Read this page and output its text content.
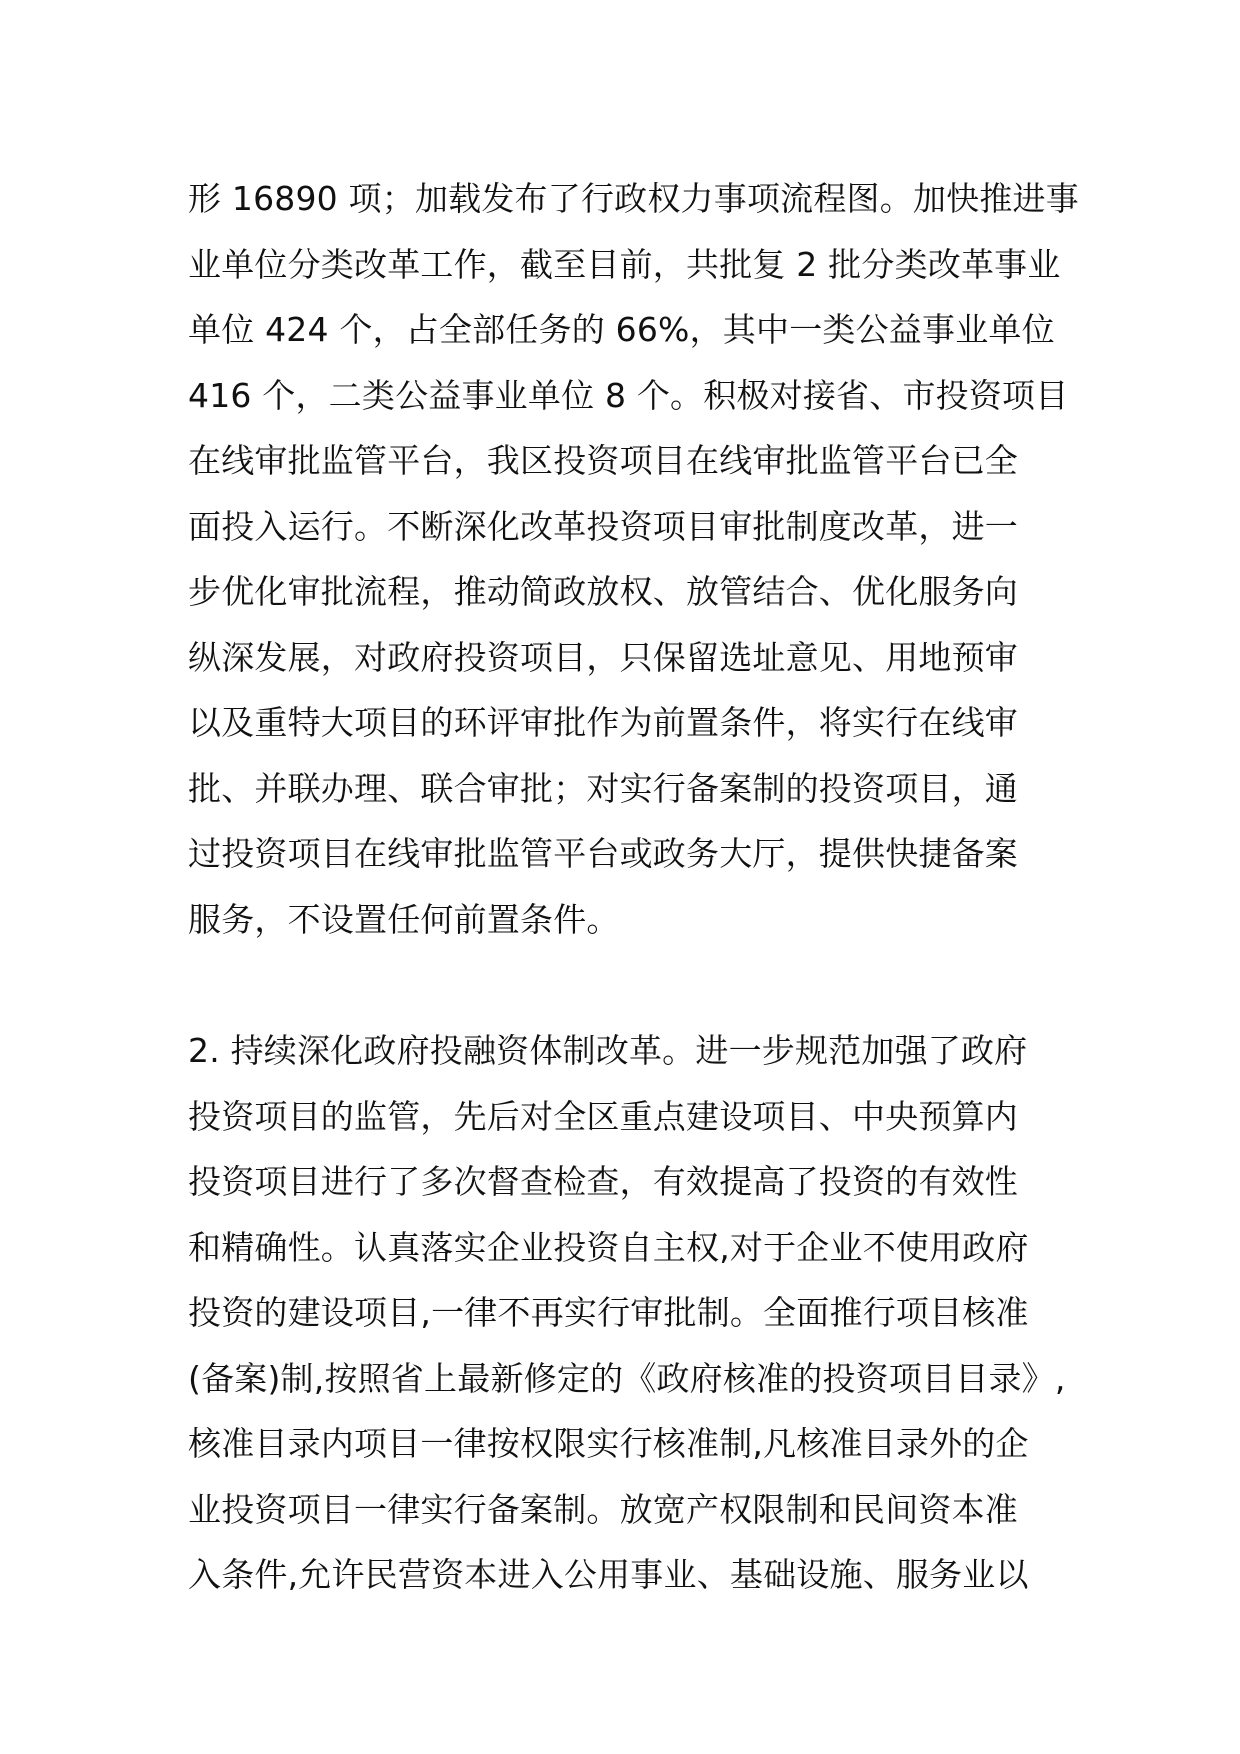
形 16890 项；加载发布了行政权力事项流程图。加快推进事
业单位分类改革工作，截至目前，共批复 2 批分类改革事业
单位 424 个，占全部任务的 66%，其中一类公益事业单位
416 个，二类公益事业单位 8 个。积极对接省、市投资项目
在线审批监管平台，我区投资项目在线审批监管平台已全
面投入运行。不断深化改革投资项目审批制度改革，进一
步优化审批流程，推动简政放权、放管结合、优化服务向
纵深发展，对政府投资项目，只保留选址意见、用地预审
以及重特大项目的环评审批作为前置条件，将实行在线审
批、并联办理、联合审批；对实行备案制的投资项目，通
过投资项目在线审批监管平台或政务大厅，提供快捷备案
服务，不设置任何前置条件。
2. 持续深化政府投融资体制改革。进一步规范加强了政府
投资项目的监管，先后对全区重点建设项目、中央预算内
投资项目进行了多次督查检查，有效提高了投资的有效性
和精确性。认真落实企业投资自主权,对于企业不使用政府
投资的建设项目,一律不再实行审批制。全面推行项目核准
(备案)制,按照省上最新修定的《政府核准的投资项目目录》,
核准目录内项目一律按权限实行核准制,凡核准目录外的企
业投资项目一律实行备案制。放宽产权限制和民间资本准
入条件,允许民营资本进入公用事业、基础设施、服务业以
